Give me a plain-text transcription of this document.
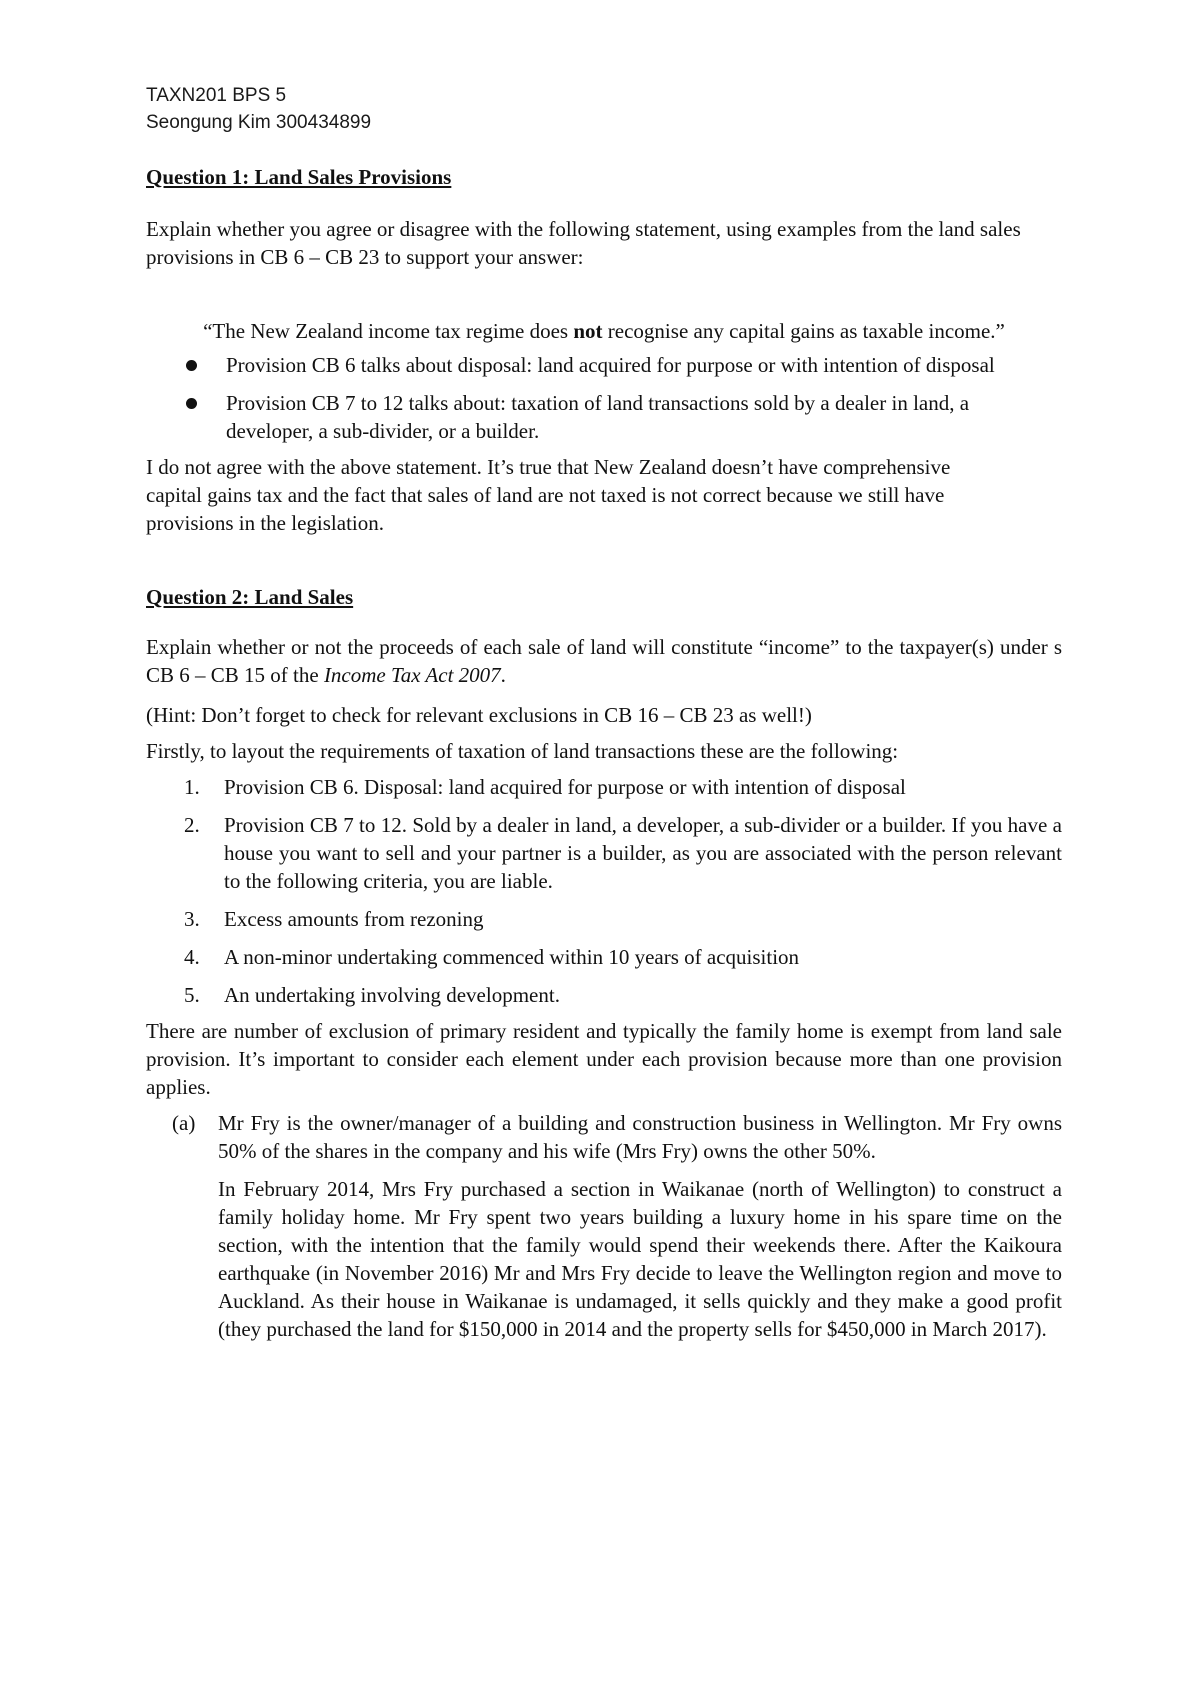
TAXN201 BPS 5

Seongung Kim 300434899

Question 1: Land Sales Provisions

Explain whether you agree or disagree with the following statement, using examples from the land sales provisions in CB 6 – CB 23 to support your answer:

“The New Zealand income tax regime does not recognise any capital gains as taxable income.”

Provision CB 6 talks about disposal: land acquired for purpose or with intention of disposal
Provision CB 7 to 12 talks about: taxation of land transactions sold by a dealer in land, a developer, a sub-divider, or a builder.

I do not agree with the above statement. It’s true that New Zealand doesn’t have comprehensive capital gains tax and the fact that sales of land are not taxed is not correct because we still have provisions in the legislation.

Question 2: Land Sales

Explain whether or not the proceeds of each sale of land will constitute “income” to the taxpayer(s) under s CB 6 – CB 15 of the Income Tax Act 2007.

(Hint: Don’t forget to check for relevant exclusions in CB 16 – CB 23 as well!)

Firstly, to layout the requirements of taxation of land transactions these are the following:

1. Provision CB 6. Disposal: land acquired for purpose or with intention of disposal
2. Provision CB 7 to 12. Sold by a dealer in land, a developer, a sub-divider or a builder. If you have a house you want to sell and your partner is a builder, as you are associated with the person relevant to the following criteria, you are liable.
3. Excess amounts from rezoning
4. A non-minor undertaking commenced within 10 years of acquisition
5. An undertaking involving development.

There are number of exclusion of primary resident and typically the family home is exempt from land sale provision. It’s important to consider each element under each provision because more than one provision applies.

(a) Mr Fry is the owner/manager of a building and construction business in Wellington. Mr Fry owns 50% of the shares in the company and his wife (Mrs Fry) owns the other 50%.

In February 2014, Mrs Fry purchased a section in Waikanae (north of Wellington) to construct a family holiday home. Mr Fry spent two years building a luxury home in his spare time on the section, with the intention that the family would spend their weekends there. After the Kaikoura earthquake (in November 2016) Mr and Mrs Fry decide to leave the Wellington region and move to Auckland. As their house in Waikanae is undamaged, it sells quickly and they make a good profit (they purchased the land for $150,000 in 2014 and the property sells for $450,000 in March 2017).
